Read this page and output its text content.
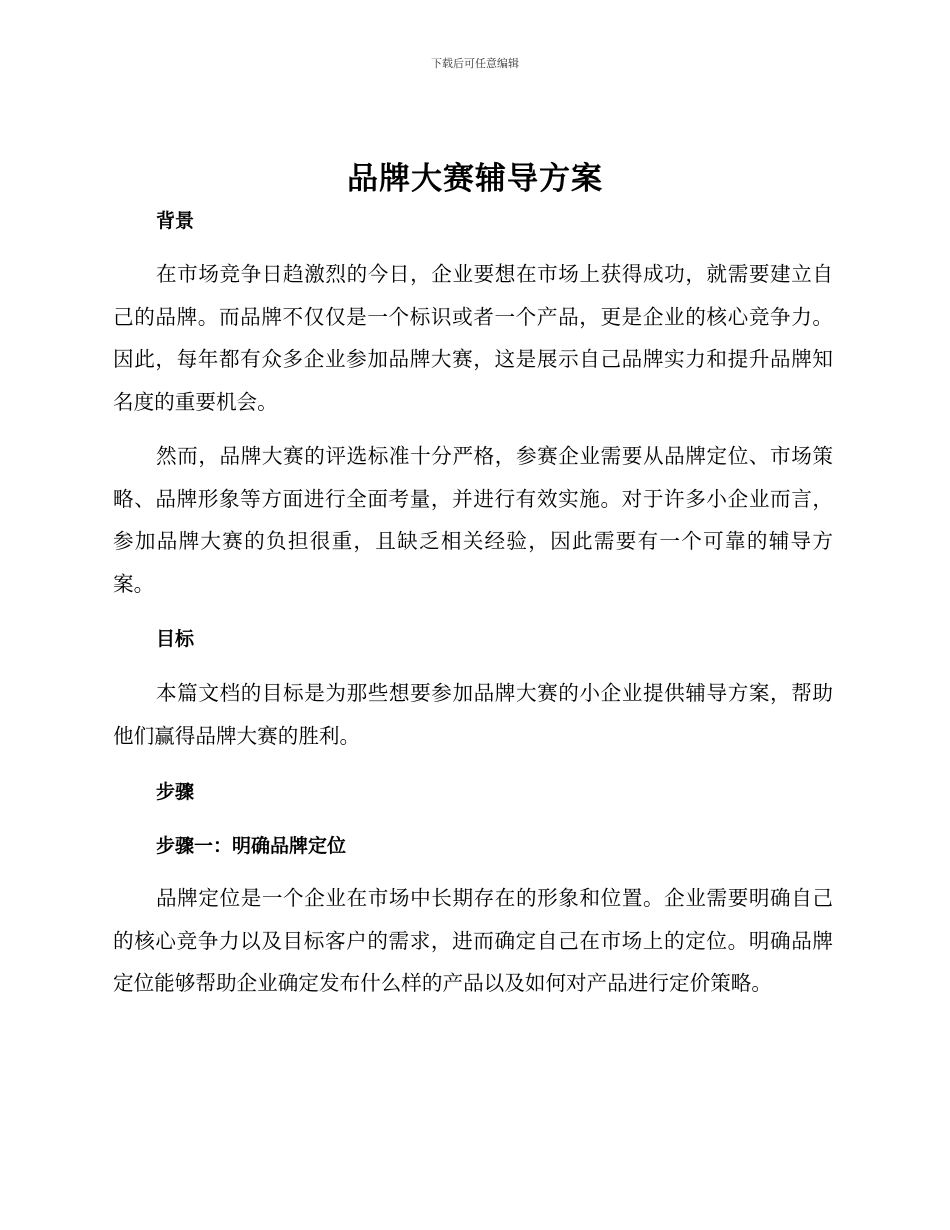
下载后可任意编辑
品牌大赛辅导方案
背景
在市场竞争日趋激烈的今日，企业要想在市场上获得成功，就需要建立自己的品牌。而品牌不仅仅是一个标识或者一个产品，更是企业的核心竞争力。因此，每年都有众多企业参加品牌大赛，这是展示自己品牌实力和提升品牌知名度的重要机会。
然而，品牌大赛的评选标准十分严格，参赛企业需要从品牌定位、市场策略、品牌形象等方面进行全面考量，并进行有效实施。对于许多小企业而言，参加品牌大赛的负担很重，且缺乏相关经验，因此需要有一个可靠的辅导方案。
目标
本篇文档的目标是为那些想要参加品牌大赛的小企业提供辅导方案，帮助他们赢得品牌大赛的胜利。
步骤
步骤一：明确品牌定位
品牌定位是一个企业在市场中长期存在的形象和位置。企业需要明确自己的核心竞争力以及目标客户的需求，进而确定自己在市场上的定位。明确品牌定位能够帮助企业确定发布什么样的产品以及如何对产品进行定价策略。
